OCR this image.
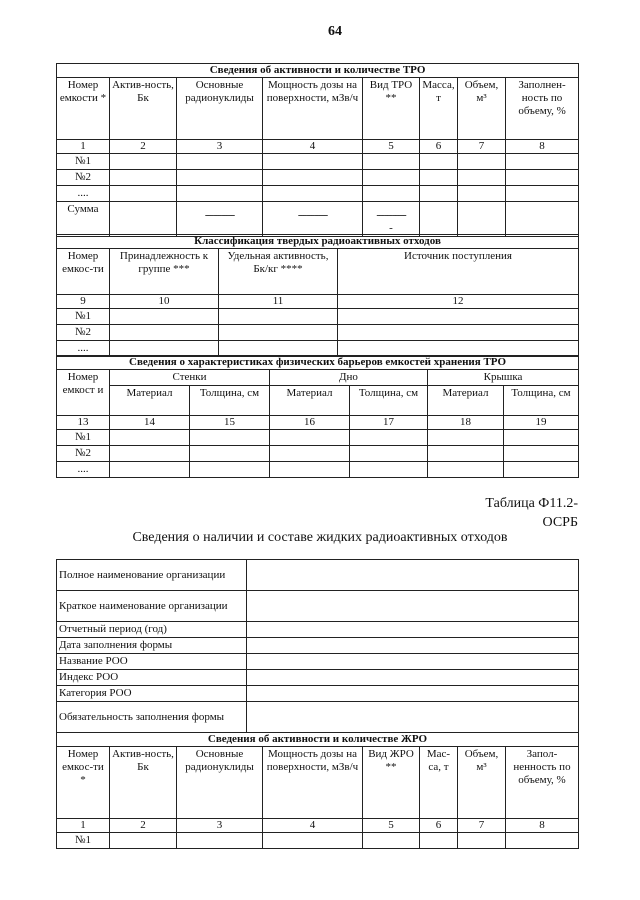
64
Сведения об активности и количестве ТРО							
Номер емкости *	Актив-ность, Бк	Основные радионуклиды	Мощность дозы на поверхности, мЗв/ч	Вид ТРО **	Масса, т	Объем, м³	Заполнен-ность по объему, %
1	2	3	4	5	6	7	8
№1							
№2							
....							
Сумма		-----------	-----------	-----------
-			
Классификация твердых радиоактивных отходов			
Номер емкос-ти	Принадлежность к группе ***	Удельная активность, Бк/кг ****	Источник поступления
9	10	11	12
№1			
№2			
....			
Сведения о характеристиках физических барьеров емкостей хранения ТРО						
Номер емкост и	Стенки		Дно		Крышка	
	Материал	Толщина, см	Материал	Толщина, см	Материал	Толщина, см
13	14	15	16	17	18	19
№1						
№2						
....						
Таблица Ф11.2-
ОСРБ
Сведения о наличии и составе жидких радиоактивных отходов
Полное наименование организации	
Краткое наименование организации	
Отчетный период (год)	
Дата заполнения формы	
Название РОО	
Индекс РОО	
Категория РОО	
Обязательность заполнения формы	
Сведения об активности и количестве ЖРО							
Номер емкос-ти *	Актив-ность, Бк	Основные радионуклиды	Мощность дозы на поверхности, мЗв/ч	Вид ЖРО **	Мас-са, т	Объем, м³	Запол-ненность по объему, %
1	2	3	4	5	6	7	8
№1							
